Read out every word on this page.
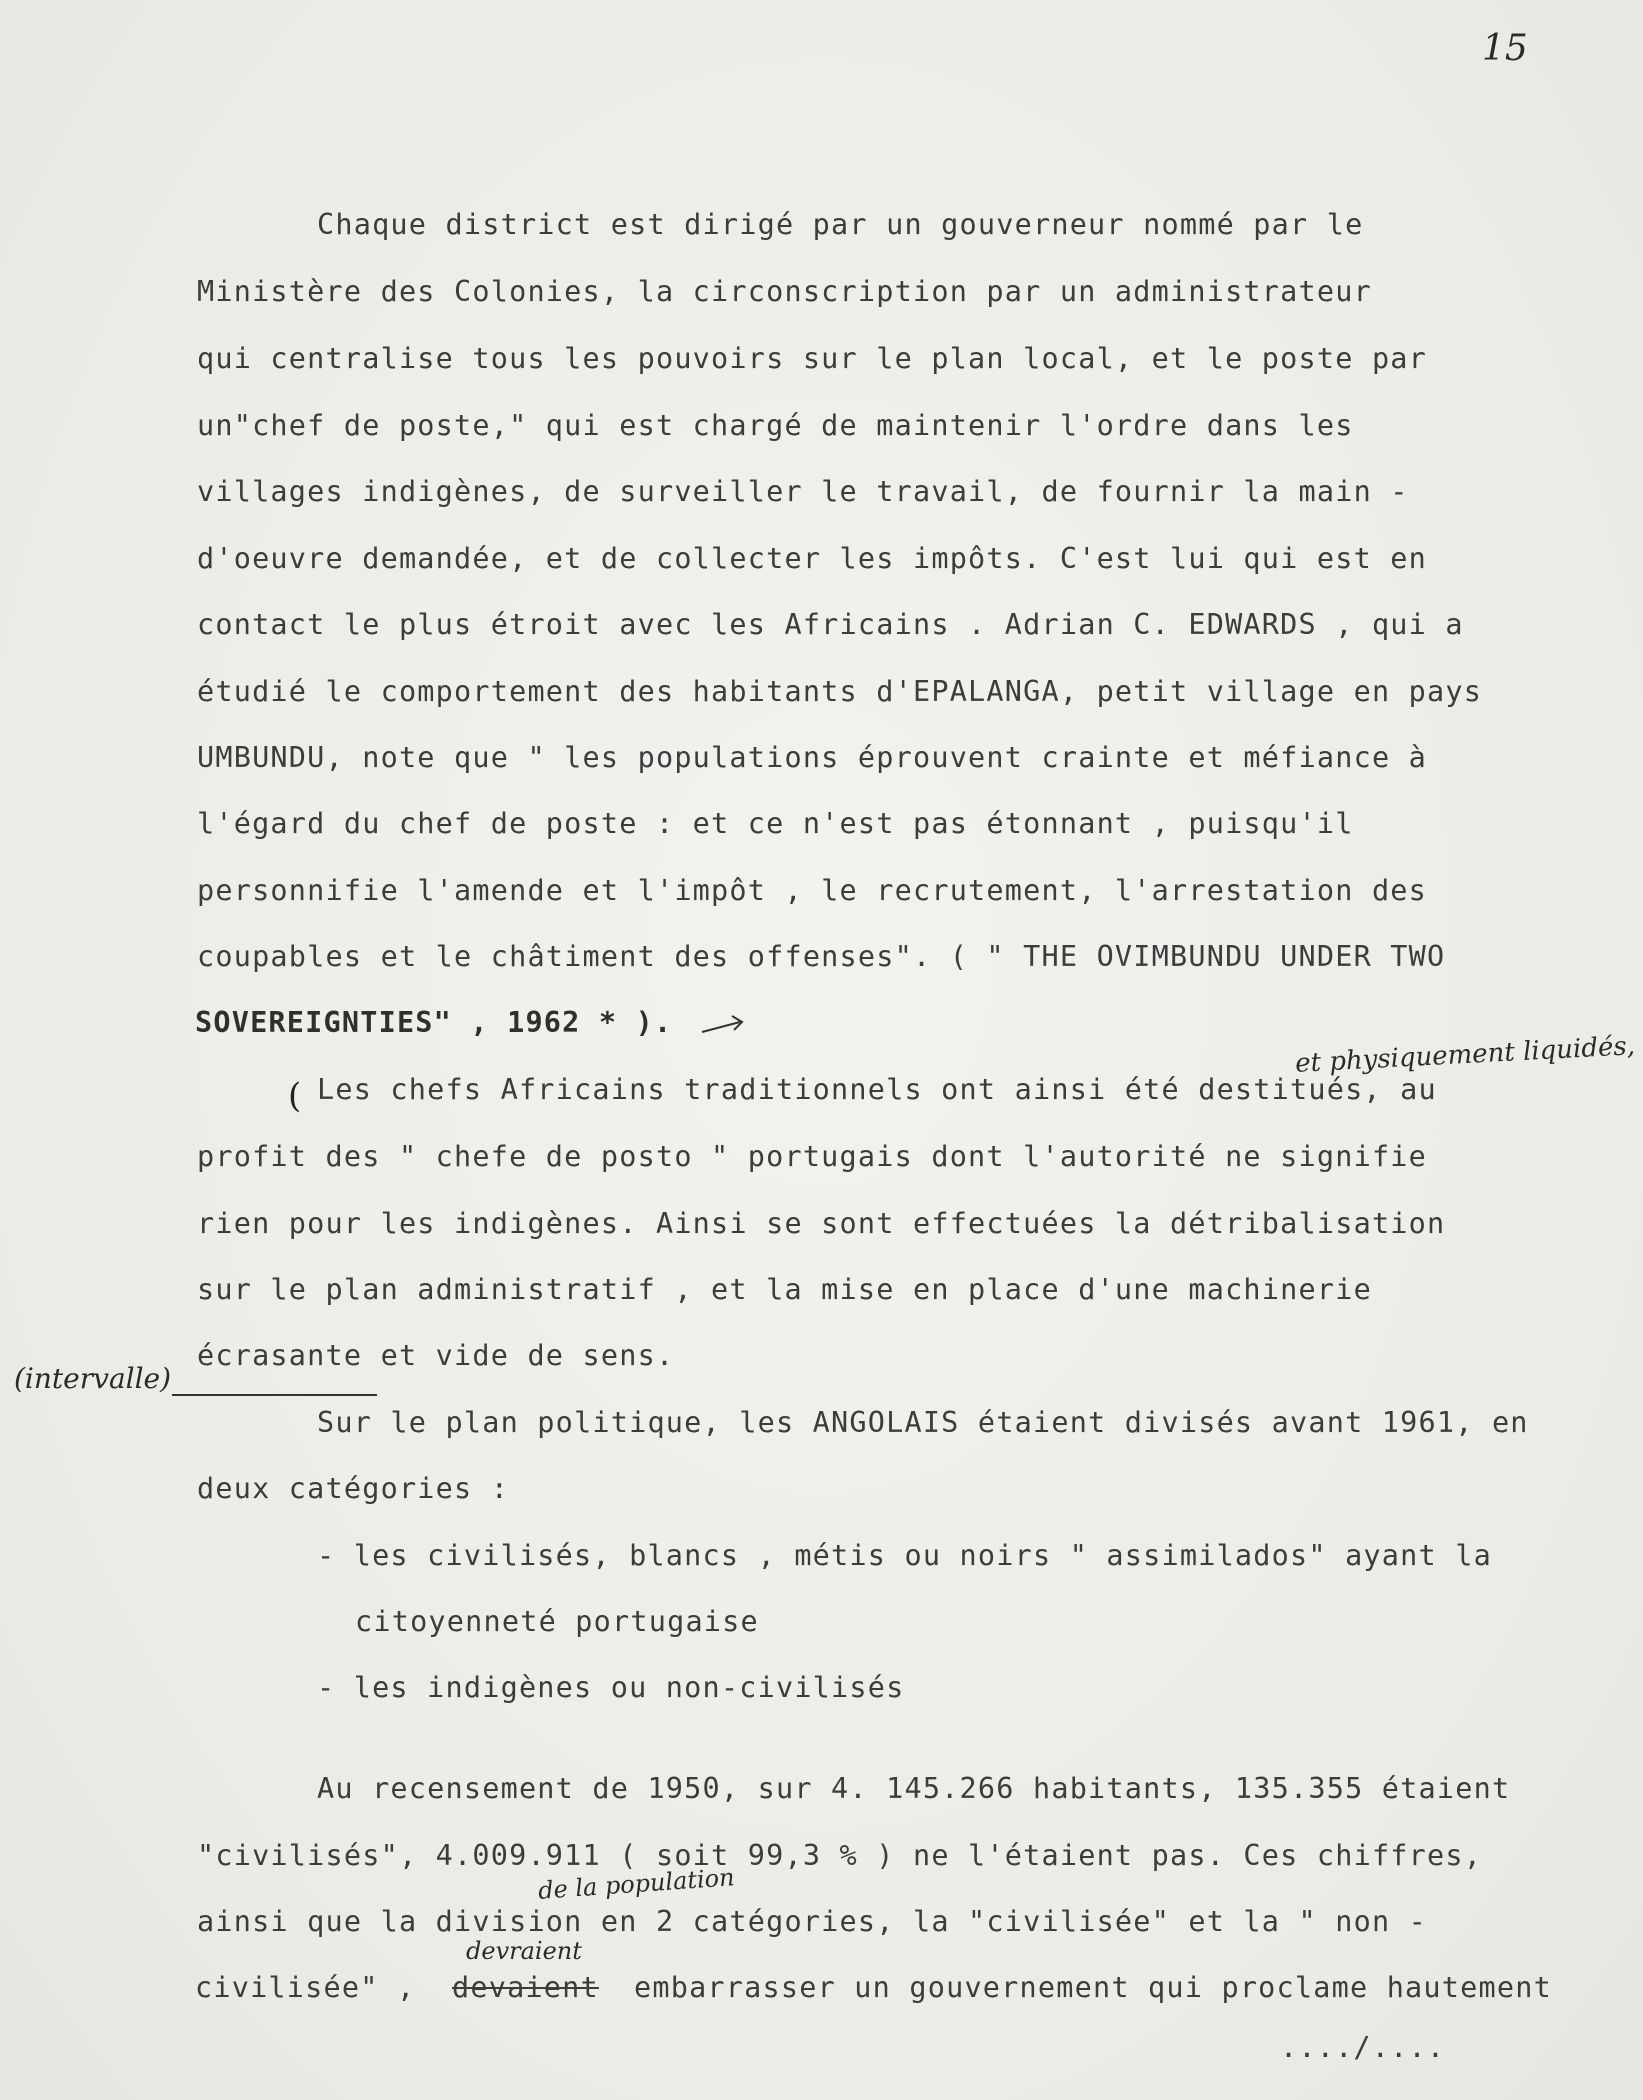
15
Chaque district est dirigé par un gouverneur nommé par le
Ministère des Colonies, la circonscription par un administrateur
qui centralise tous les pouvoirs sur le plan local, et le poste par
un"chef de poste," qui est chargé de maintenir l'ordre dans les
villages indigènes, de surveiller le travail, de fournir la main -
d'oeuvre demandée, et de collecter les impôts. C'est lui qui est en
contact le plus étroit avec les Africains . Adrian C. EDWARDS , qui a
étudié le comportement des habitants d'EPALANGA, petit village en pays
UMBUNDU, note que " les populations éprouvent crainte et méfiance à
l'égard du chef de poste : et ce n'est pas étonnant , puisqu'il
personnifie l'amende et l'impôt , le recrutement, l'arrestation des
coupables et le châtiment des offenses". ( " THE OVIMBUNDU UNDER TWO
SOVEREIGNTIES" , 1962 * ).
et physiquement liquidés,
( Les chefs Africains traditionnels ont ainsi été destitués, au
profit des " chefe de posto " portugais dont l'autorité ne signifie
rien pour les indigènes. Ainsi se sont effectuées la détribalisation
sur le plan administratif , et la mise en place d'une machinerie
écrasante et vide de sens.
(intervalle)
Sur le plan politique, les ANGOLAIS étaient divisés avant 1961, en
deux catégories :
- les civilisés, blancs , métis ou noirs " assimilados" ayant la
citoyenneté portugaise
- les indigènes ou non-civilisés
Au recensement de 1950, sur 4. 145.266 habitants, 135.355 étaient
"civilisés", 4.009.911 ( soit 99,3 % ) ne l'étaient pas. Ces chiffres,
de la population
ainsi que la division en 2 catégories, la "civilisée" et la " non -
devraient
civilisée" , devaient embarrasser un gouvernement qui proclame hautement
..../....
